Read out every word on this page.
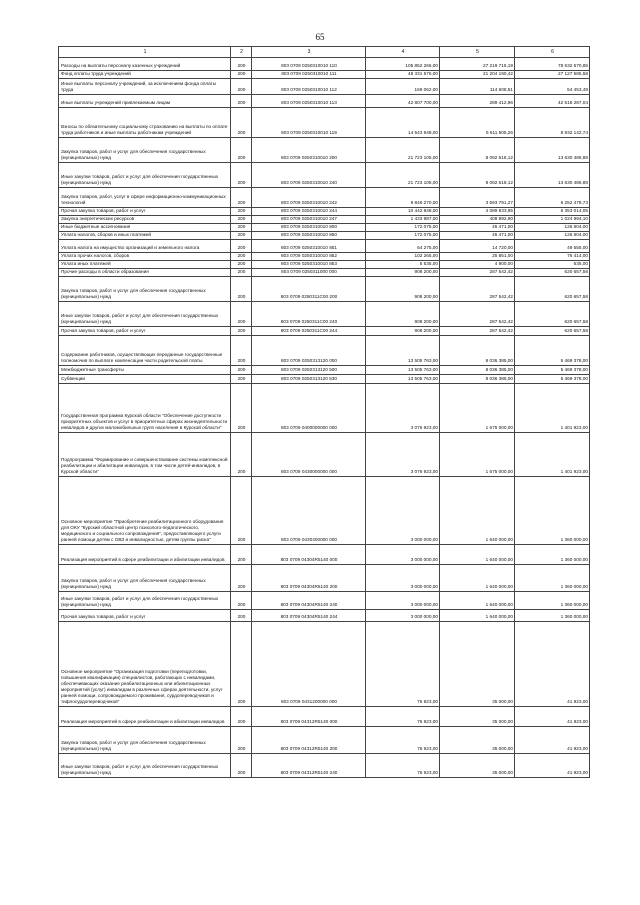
65
1	2	3	4	5	6
Расходы на выплаты персоналу казенных учреждений	200	803 0709 0250310010 110	105 852 266,00	27 219 715,19	78 632 570,85
Фонд оплаты труда учреждений	200	803 0709 0250310010 111	48 331 576,00	21 204 190,42	27 127 585,58
Иные выплаты персоналу учреждений, за исключением фонда оплаты труда	200	803 0709 0250310010 112	169 062,00	114 608,51	54 453,49
Иные выплаты учреждений привлекаемым лицам	200	803 0709 0250310010 113	42 807 700,00	289 412,96	42 518 287,04
Взносы по обязательному социальному страхованию на выплаты по оплате труда работников и иные выплаты работникам учреждений	200	803 0709 0250310010 119	14 543 948,00	5 611 505,26	8 932 142,74
Закупка товаров, работ и услуг для обеспечения государственных (муниципальных) нужд	200	803 0709 0250310010 200	21 723 105,00	8 092 618,12	13 630 486,88
Иные закупки товаров, работ и услуг для обеспечения государственных (муниципальных) нужд	200	803 0709 0250310010 240	21 723 105,00	8 092 618,12	13 630 486,88
Закупка товаров, работ, услуг в сфере информационно-коммуникационных технологий	200	803 0709 0250310010 242	9 846 270,00	3 593 791,27	6 252 478,73
Прочая закупка товаров, работ и услуг	200	803 0709 0250310010 244	10 442 848,00	4 089 833,95	6 353 014,05
Закупка энергетических ресурсов	200	803 0709 0250310010 247	1 433 987,00	408 992,90	1 024 994,10
Иные бюджетные ассигнования	200	803 0709 0250310010 800	172 075,00	45 471,00	126 604,00
Уплата налогов, сборов и иных платежей	200	803 0709 0250310010 850	172 075,00	45 471,00	126 604,00
Уплата налога на имущество организаций и земельного налога	200	803 0709 0250310010 851	64 275,00	14 720,00	49 555,00
Уплата прочих налогов, сборов	200	803 0709 0250310010 852	102 265,00	25 851,00	76 414,00
Уплата иных платежей	200	803 0709 0250310010 853	5 535,00	4 900,00	635,00
Прочие расходы в области образования	200	803 0709 0250311000 000	908 200,00	287 542,42	620 657,58
Закупка товаров, работ и услуг для обеспечения государственных (муниципальных) нужд	200	803 0709 0250311C00 200	908 200,00	287 542,42	620 657,58
Иные закупки товаров, работ и услуг для обеспечения государственных (муниципальных) нужд	200	803 0709 0250311C00 240	908 200,00	287 542,42	620 657,58
Прочая закупка товаров, работ и услуг	200	803 0709 0250311C00 244	908 200,00	287 542,42	620 657,58
Содержание работников, осуществляющих переданные государственные полномочия по выплате компенсации части родительской платы	200	803 0709 0250313120 000	13 505 763,00	8 036 385,00	5 469 378,00
Межбюджетные трансферты	200	803 0709 0250313120 500	13 505 763,00	8 036 385,00	5 469 378,00
Субвенции	200	803 0709 0250313120 530	13 505 763,00	8 036 385,00	5 469 378,00
Государственная программа Курской области "Обеспечение доступности приоритетных объектов и услуг в приоритетных сферах жизнедеятельности инвалидов и других маломобильных групп населения в Курской области"	200	803 0709 0400000000 000	3 076 923,00	1 675 000,00	1 401 923,00
Подпрограмма "Формирование и совершенствование системы комплексной реабилитации и абилитации инвалидов, в том числе детей-инвалидов, в Курской области"	200	803 0709 0430000000 000	3 076 923,00	1 675 000,00	1 401 923,00
Основное мероприятие "Приобретение реабилитационного оборудования для ОКУ "Курский областной центр психолого-педагогического, медицинского и социального сопровождения", предоставляющего услуги ранней помощи детям с ОВЗ и инвалидностью, детям группы риска"	200	803 0709 0430400000 000	3 000 000,00	1 640 000,00	1 360 000,00
Реализация мероприятий в сфере реабилитации и абилитации инвалидов	200	803 0709 04304R5140 000	3 000 000,00	1 640 000,00	1 360 000,00
Закупка товаров, работ и услуг для обеспечения государственных (муниципальных) нужд	200	803 0709 04304R5140 200	3 000 000,00	1 640 000,00	1 360 000,00
Иные закупки товаров, работ и услуг для обеспечения государственных (муниципальных) нужд	200	803 0709 04304R5140 240	3 000 000,00	1 640 000,00	1 360 000,00
Прочая закупка товаров, работ и услуг	200	803 0709 04304R5140 244	3 000 000,00	1 640 000,00	1 360 000,00
Основное мероприятие "Организация подготовки (переподготовки, повышения квалификации) специалистов, работающих с инвалидами, обеспечивающих оказание реабилитационных или абилитационных мероприятий (услуг) инвалидам в различных сферах деятельности, услуг ранней помощи, сопровождаемого проживания, сурдопереводчиков и тифлосурдопереводчиков"	200	803 0709 0431200000 000	76 923,00	35 000,00	41 923,00
Реализация мероприятий в сфере реабилитации и абилитации инвалидов	200	803 0709 04312R5140 000	76 923,00	35 000,00	41 923,00
Закупка товаров, работ и услуг для обеспечения государственных (муниципальных) нужд	200	803 0709 04312R5140 200	76 923,00	35 000,00	41 923,00
Иные закупки товаров, работ и услуг для обеспечения государственных (муниципальных) нужд	200	803 0709 04312R5140 240	76 923,00	35 000,00	41 923,00
